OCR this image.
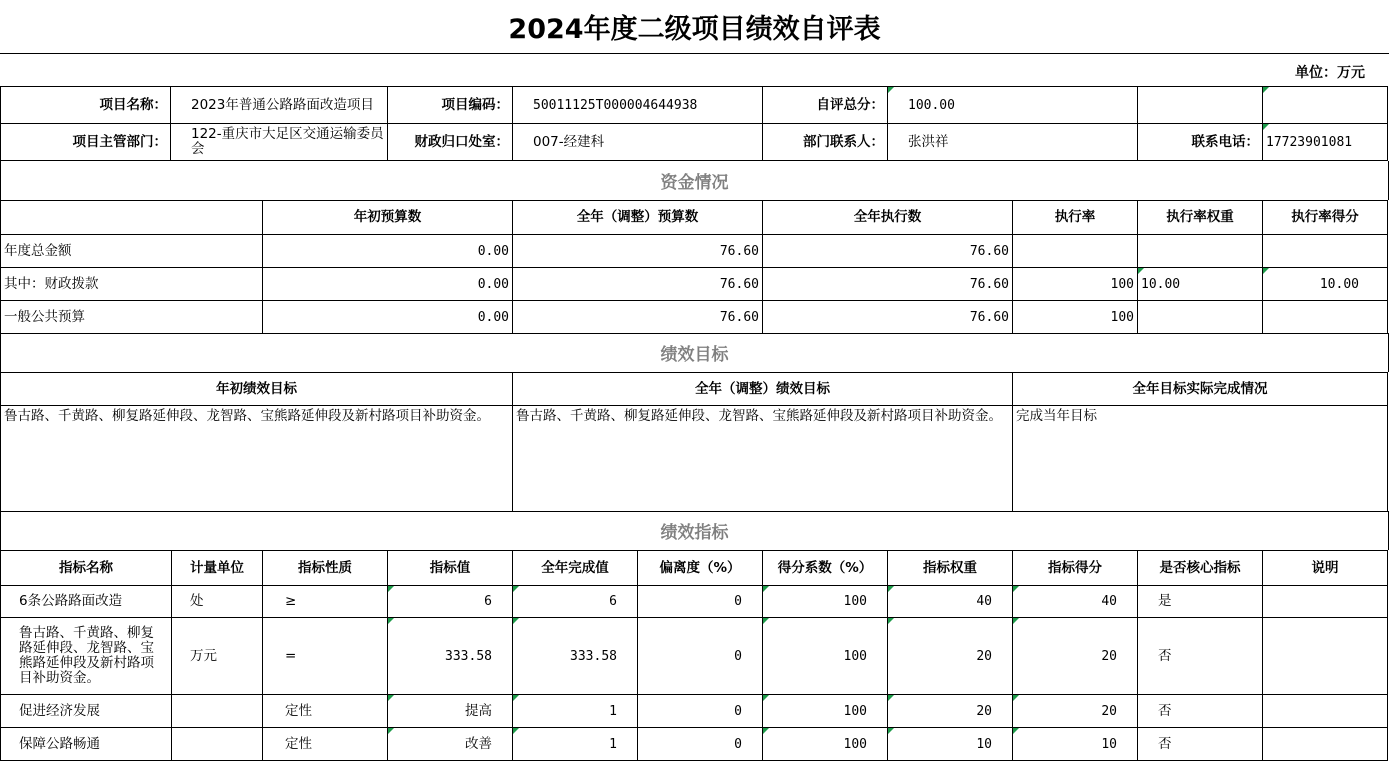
2024年度二级项目绩效自评表
单位：万元
项目名称：	2023年普通公路路面改造项目	项目编码：	50011125T000004644938	自评总分：	100.00		
项目主管部门：	122-重庆市大足区交通运输委员会	财政归口处室：	007-经建科	部门联系人：	张洪祥	联系电话：	17723901081
资金情况
	年初预算数	全年（调整）预算数	全年执行数	执行率	执行率权重	执行率得分
年度总金额	0.00	76.60	76.60			
其中：财政拨款	0.00	76.60	76.60	100	10.00	10.00
一般公共预算	0.00	76.60	76.60	100		
绩效目标
年初绩效目标	全年（调整）绩效目标	全年目标实际完成情况
鲁古路、千黄路、柳复路延伸段、龙智路、宝熊路延伸段及新村路项目补助资金。	鲁古路、千黄路、柳复路延伸段、龙智路、宝熊路延伸段及新村路项目补助资金。	完成当年目标
绩效指标
指标名称	计量单位	指标性质	指标值	全年完成值	偏离度（%）	得分系数（%）	指标权重	指标得分	是否核心指标	说明
6条公路路面改造	处	≥	6	6	0	100	40	40	是	
鲁古路、千黄路、柳复路延伸段、龙智路、宝熊路延伸段及新村路项目补助资金。	万元	=	333.58	333.58	0	100	20	20	否	
促进经济发展		定性	提高	1	0	100	20	20	否	
保障公路畅通		定性	改善	1	0	100	10	10	否	
